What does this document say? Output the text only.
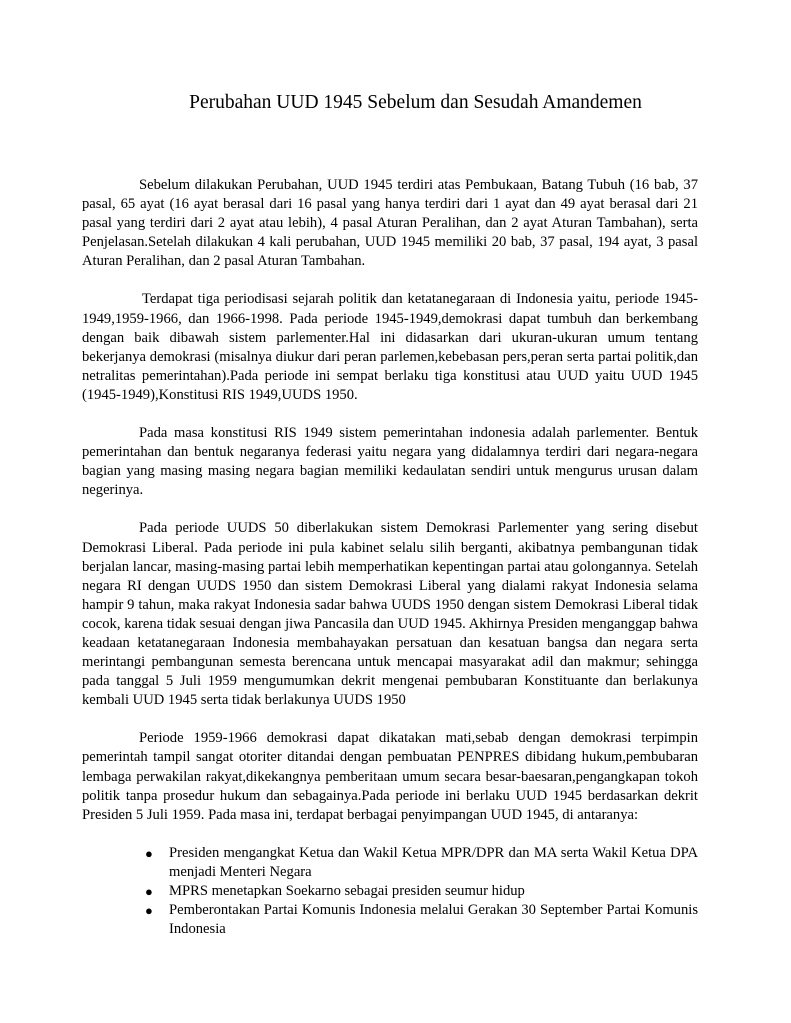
Perubahan UUD 1945 Sebelum dan Sesudah Amandemen

Sebelum dilakukan Perubahan, UUD 1945 terdiri atas Pembukaan, Batang Tubuh (16 bab, 37 pasal, 65 ayat (16 ayat berasal dari 16 pasal yang hanya terdiri dari 1 ayat dan 49 ayat berasal dari 21 pasal yang terdiri dari 2 ayat atau lebih), 4 pasal Aturan Peralihan, dan 2 ayat Aturan Tambahan), serta Penjelasan.Setelah dilakukan 4 kali perubahan, UUD 1945 memiliki 20 bab, 37 pasal, 194 ayat, 3 pasal Aturan Peralihan, dan 2 pasal Aturan Tambahan.

Terdapat tiga periodisasi sejarah politik dan ketatanegaraan di Indonesia yaitu, periode 1945-1949,1959-1966, dan 1966-1998. Pada periode 1945-1949,demokrasi dapat tumbuh dan berkembang dengan baik dibawah sistem parlementer.Hal ini didasarkan dari ukuran-ukuran umum tentang bekerjanya demokrasi (misalnya diukur dari peran parlemen,kebebasan pers,peran serta partai politik,dan netralitas pemerintahan).Pada periode ini sempat berlaku tiga konstitusi atau UUD yaitu UUD 1945 (1945-1949),Konstitusi RIS 1949,UUDS 1950.

Pada masa konstitusi RIS 1949 sistem pemerintahan indonesia adalah parlementer. Bentuk pemerintahan dan bentuk negaranya federasi yaitu negara yang didalamnya terdiri dari negara-negara bagian yang masing masing negara bagian memiliki kedaulatan sendiri untuk mengurus urusan dalam negerinya.

Pada periode UUDS 50 diberlakukan sistem Demokrasi Parlementer yang sering disebut Demokrasi Liberal. Pada periode ini pula kabinet selalu silih berganti, akibatnya pembangunan tidak berjalan lancar, masing-masing partai lebih memperhatikan kepentingan partai atau golongannya. Setelah negara RI dengan UUDS 1950 dan sistem Demokrasi Liberal yang dialami rakyat Indonesia selama hampir 9 tahun, maka rakyat Indonesia sadar bahwa UUDS 1950 dengan sistem Demokrasi Liberal tidak cocok, karena tidak sesuai dengan jiwa Pancasila dan UUD 1945. Akhirnya Presiden menganggap bahwa keadaan ketatanegaraan Indonesia membahayakan persatuan dan kesatuan bangsa dan negara serta merintangi pembangunan semesta berencana untuk mencapai masyarakat adil dan makmur; sehingga pada tanggal 5 Juli 1959 mengumumkan dekrit mengenai pembubaran Konstituante dan berlakunya kembali UUD 1945 serta tidak berlakunya UUDS 1950

Periode 1959-1966 demokrasi dapat dikatakan mati,sebab dengan demokrasi terpimpin pemerintah tampil sangat otoriter ditandai dengan pembuatan PENPRES dibidang hukum,pembubaran lembaga perwakilan rakyat,dikekangnya pemberitaan umum secara besar-baesaran,pengangkapan tokoh politik tanpa prosedur hukum dan sebagainya.Pada periode ini berlaku UUD 1945 berdasarkan dekrit Presiden 5 Juli 1959. Pada masa ini, terdapat berbagai penyimpangan UUD 1945, di antaranya:

● Presiden mengangkat Ketua dan Wakil Ketua MPR/DPR dan MA serta Wakil Ketua DPA menjadi Menteri Negara
● MPRS menetapkan Soekarno sebagai presiden seumur hidup
● Pemberontakan Partai Komunis Indonesia melalui Gerakan 30 September Partai Komunis Indonesia
